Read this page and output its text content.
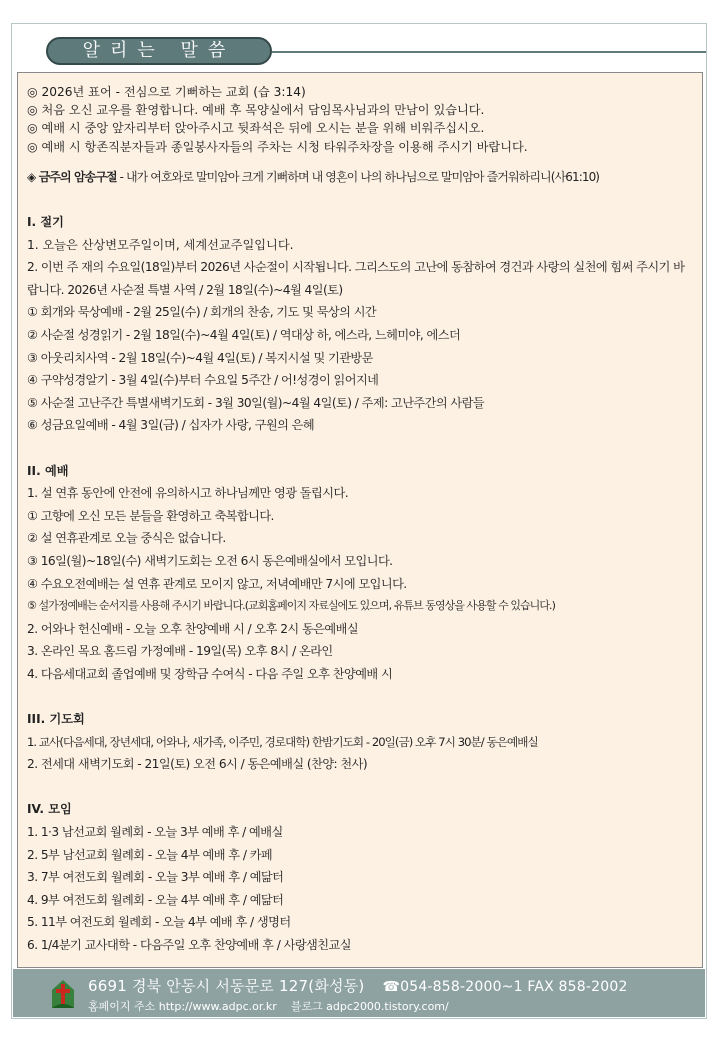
알리는 말씀
◎ 2026년 표어 - 전심으로 기뻐하는 교회 (습 3:14)
◎ 처음 오신 교우를 환영합니다. 예배 후 목양실에서 담임목사님과의 만남이 있습니다.
◎ 예배 시 중앙 앞자리부터 앉아주시고 뒷좌석은 뒤에 오시는 분을 위해 비워주십시오.
◎ 예배 시 항존직분자들과 종일봉사자들의 주차는 시청 타워주차장을 이용해 주시기 바랍니다.
◈ 금주의 암송구절 - 내가 여호와로 말미암아 크게 기뻐하며 내 영혼이 나의 하나님으로 말미암아 즐거워하리니(사61:10)
I. 절기
1. 오늘은 산상변모주일이며, 세계선교주일입니다.
2. 이번 주 재의 수요일(18일)부터 2026년 사순절이 시작됩니다. 그리스도의 고난에 동참하여 경건과 사랑의 실천에 힘써 주시기 바랍니다. 2026년 사순절 특별 사역 / 2월 18일(수)~4월 4일(토)
① 회개와 묵상예배 - 2월 25일(수) / 회개의 찬송, 기도 및 묵상의 시간
② 사순절 성경읽기 - 2월 18일(수)~4월 4일(토) / 역대상 하, 에스라, 느헤미야, 에스더
③ 아웃리치사역 - 2월 18일(수)~4월 4일(토) / 복지시설 및 기관방문
④ 구약성경알기 - 3월 4일(수)부터 수요일 5주간 / 어!성경이 읽어지네
⑤ 사순절 고난주간 특별새벽기도회 - 3월 30일(월)~4월 4일(토) / 주제: 고난주간의 사람들
⑥ 성금요일예배 - 4월 3일(금) / 십자가 사랑, 구원의 은혜
II. 예배
1. 설 연휴 동안에 안전에 유의하시고 하나님께만 영광 돌립시다.
① 고향에 오신 모든 분들을 환영하고 축복합니다.
② 설 연휴관계로 오늘 중식은 없습니다.
③ 16일(월)~18일(수) 새벽기도회는 오전 6시 동은예배실에서 모입니다.
④ 수요오전예배는 설 연휴 관계로 모이지 않고, 저녁예배만 7시에 모입니다.
⑤ 설가정예배는 순서지를 사용해 주시기 바랍니다.(교회홈페이지 자료실에도 있으며, 유튜브 동영상을 사용할 수 있습니다.)
2. 어와나 헌신예배 - 오늘 오후 찬양예배 시 / 오후 2시 동은예배실
3. 온라인 목요 홈드림 가정예배 - 19일(목) 오후 8시 / 온라인
4. 다음세대교회 졸업예배 및 장학금 수여식 - 다음 주일 오후 찬양예배 시
III. 기도회
1. 교사(다음세대, 장년세대, 어와나, 새가족, 이주민, 경로대학) 한밤기도회 - 20일(금) 오후 7시 30분/ 동은예배실
2. 전세대 새벽기도회 - 21일(토) 오전 6시 / 동은예배실 (찬양: 천사)
IV. 모임
1. 1·3 남선교회 월례회 - 오늘 3부 예배 후 / 예배실
2. 5부 남선교회 월례회 - 오늘 4부 예배 후 / 카페
3. 7부 여전도회 월례회 - 오늘 3부 예배 후 / 예닮터
4. 9부 여전도회 월례회 - 오늘 4부 예배 후 / 예닮터
5. 11부 여전도회 월례회 - 오늘 4부 예배 후 / 생명터
6. 1/4분기 교사대학 - 다음주일 오후 찬양예배 후 / 사랑샘친교실
6691 경북 안동시 서동문로 127(화성동) ☎054-858-2000~1 FAX 858-2002
홈페이지 주소 http://www.adpc.or.kr 블로그 adpc2000.tistory.com/
